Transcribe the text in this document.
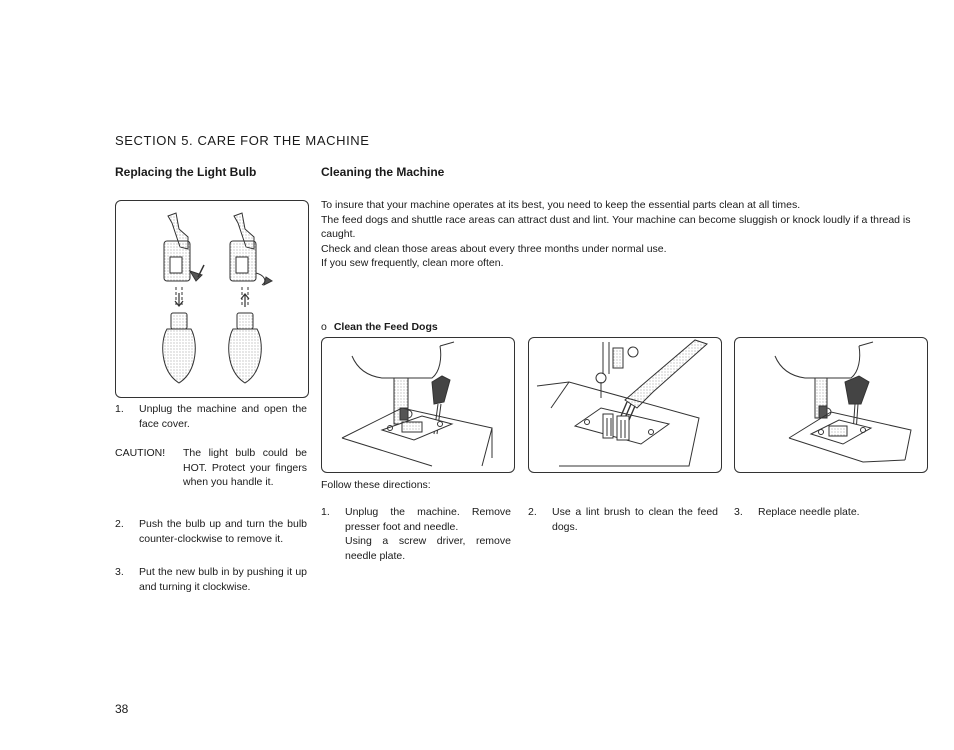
SECTION 5. CARE FOR THE MACHINE
Replacing the Light Bulb
1.	Unplug the machine and open the face cover.
CAUTION!	The light bulb could be HOT. Protect your fingers when you handle it.
2.	Push the bulb up and turn the bulb counter-clockwise to remove it.
3.	Put the new bulb in by pushing it up and turning it clockwise.
Cleaning the Machine
To insure that your machine operates at its best, you need to keep the essential parts clean at all times.
The feed dogs and shuttle race areas can attract dust and lint. Your machine can become sluggish or knock loudly if a thread is caught.
Check and clean those areas about every three months under normal use.
If you sew frequently, clean more often.
o Clean the Feed Dogs
Follow these directions:
1.	Unplug the machine. Remove presser foot and needle.
Using a screw driver, remove needle plate.
2.	Use a lint brush to clean the feed dogs.
3.	Replace needle plate.
38
